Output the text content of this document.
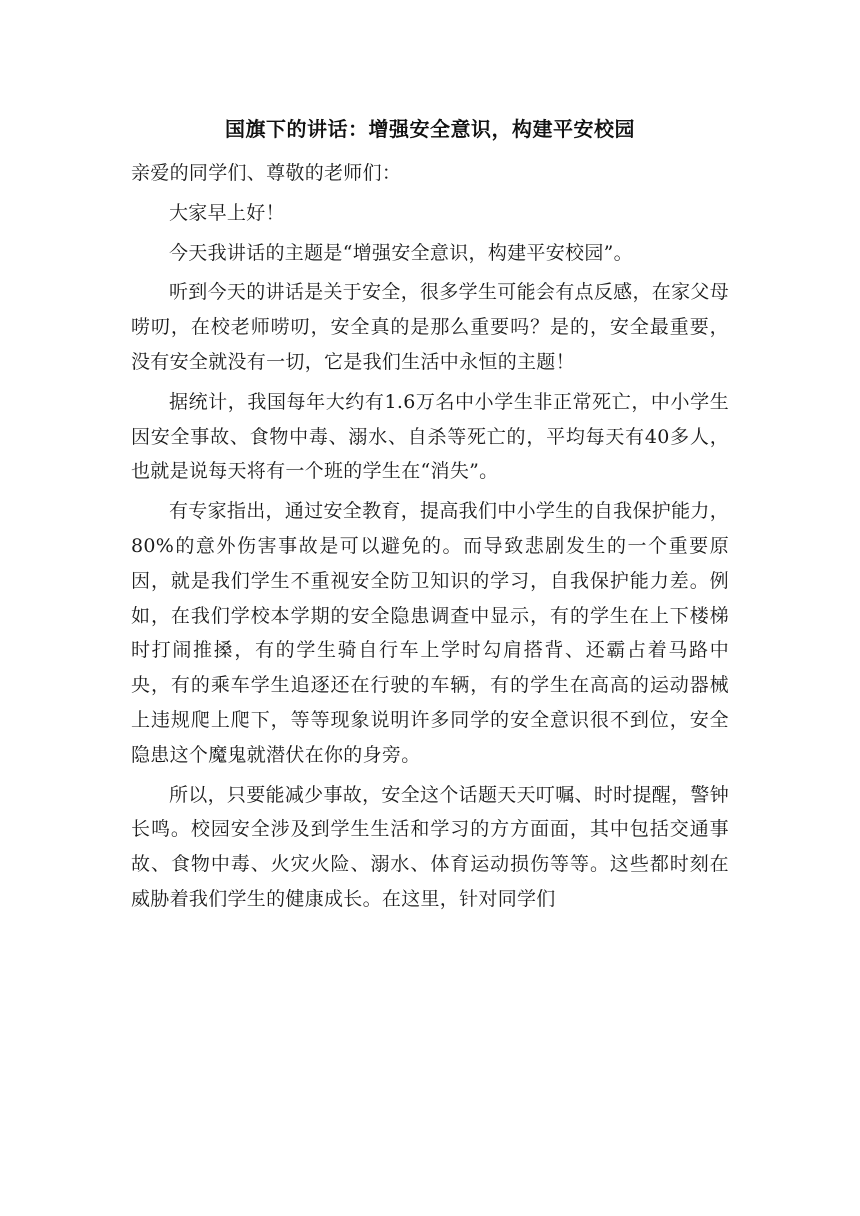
国旗下的讲话：增强安全意识，构建平安校园

亲爱的同学们、尊敬的老师们：

大家早上好！

今天我讲话的主题是“增强安全意识，构建平安校园”。

听到今天的讲话是关于安全，很多学生可能会有点反感，在家父母唠叨，在校老师唠叨，安全真的是那么重要吗？是的，安全最重要，没有安全就没有一切，它是我们生活中永恒的主题！

据统计，我国每年大约有1.6万名中小学生非正常死亡，中小学生因安全事故、食物中毒、溺水、自杀等死亡的，平均每天有40多人，也就是说每天将有一个班的学生在“消失”。

有专家指出，通过安全教育，提高我们中小学生的自我保护能力，80%的意外伤害事故是可以避免的。而导致悲剧发生的一个重要原因，就是我们学生不重视安全防卫知识的学习，自我保护能力差。例如，在我们学校本学期的安全隐患调查中显示，有的学生在上下楼梯时打闹推搡，有的学生骑自行车上学时勾肩搭背、还霸占着马路中央，有的乘车学生追逐还在行驶的车辆，有的学生在高高的运动器械上违规爬上爬下，等等现象说明许多同学的安全意识很不到位，安全隐患这个魔鬼就潜伏在你的身旁。

所以，只要能减少事故，安全这个话题天天叮嘱、时时提醒，警钟长鸣。校园安全涉及到学生生活和学习的方方面面，其中包括交通事故、食物中毒、火灾火险、溺水、体育运动损伤等等。这些都时刻在威胁着我们学生的健康成长。在这里，针对同学们
